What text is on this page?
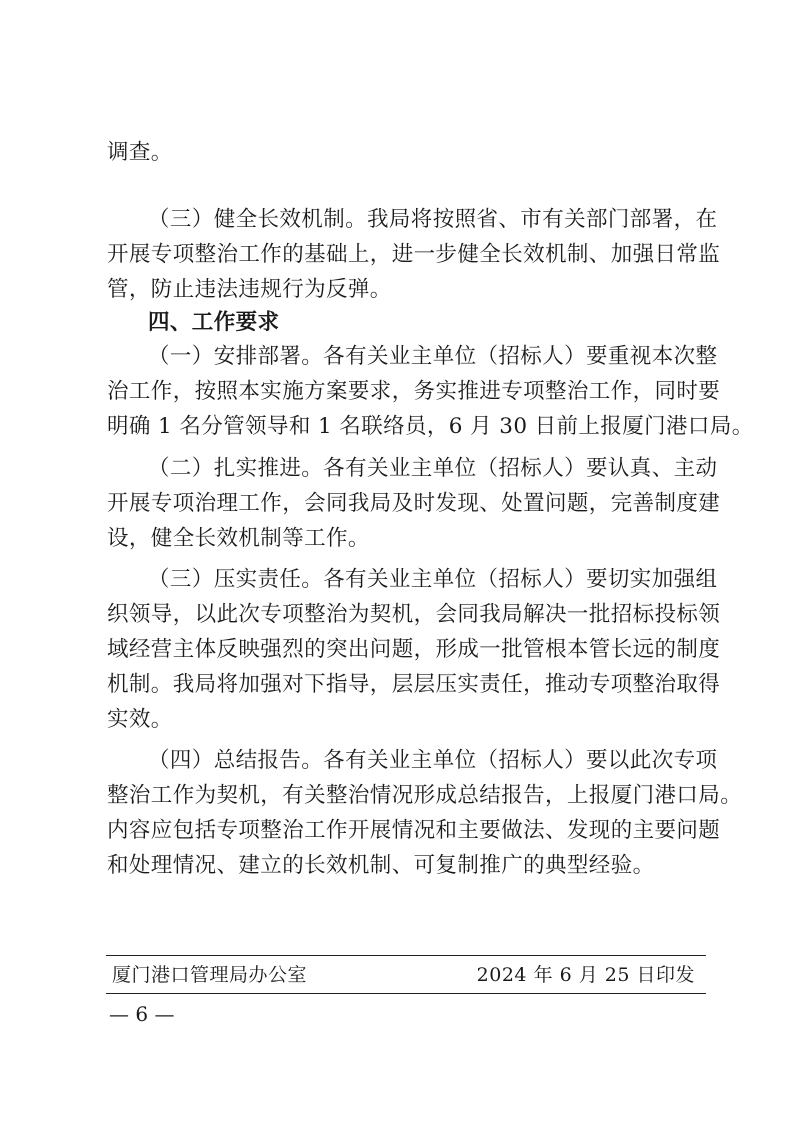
调查。
（三）健全长效机制。我局将按照省、市有关部门部署，在
开展专项整治工作的基础上，进一步健全长效机制、加强日常监
管，防止违法违规行为反弹。
四、工作要求
（一）安排部署。各有关业主单位（招标人）要重视本次整
治工作，按照本实施方案要求，务实推进专项整治工作，同时要
明确 1 名分管领导和 1 名联络员，6 月 30 日前上报厦门港口局。
（二）扎实推进。各有关业主单位（招标人）要认真、主动
开展专项治理工作，会同我局及时发现、处置问题，完善制度建
设，健全长效机制等工作。
（三）压实责任。各有关业主单位（招标人）要切实加强组
织领导，以此次专项整治为契机，会同我局解决一批招标投标领
域经营主体反映强烈的突出问题，形成一批管根本管长远的制度
机制。我局将加强对下指导，层层压实责任，推动专项整治取得
实效。
（四）总结报告。各有关业主单位（招标人）要以此次专项
整治工作为契机，有关整治情况形成总结报告，上报厦门港口局。
内容应包括专项整治工作开展情况和主要做法、发现的主要问题
和处理情况、建立的长效机制、可复制推广的典型经验。
厦门港口管理局办公室	2024 年 6 月 25 日印发
— 6 —
